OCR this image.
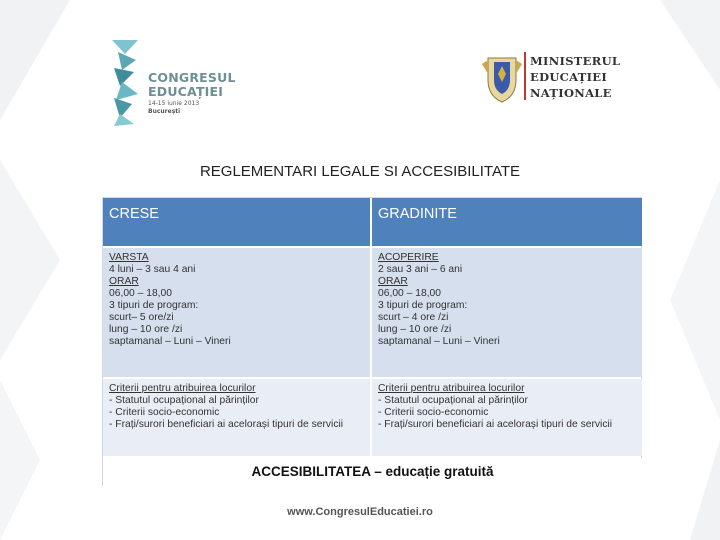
CONGRESUL
EDUCAȚIEI
14-15 iunie 2013
București
MINISTERUL
EDUCAȚIEI
NAȚIONALE
REGLEMENTARI LEGALE SI ACCESIBILITATE
CRESE	GRADINITE
VARSTA
4 luni – 3 sau 4 ani
ORAR
06,00 – 18,00
3 tipuri de program:
scurt– 5 ore/zi
lung – 10 ore /zi
saptamanal – Luni – Vineri
ACOPERIRE
2 sau 3 ani – 6 ani
ORAR
06,00 – 18,00
3 tipuri de program:
scurt – 4 ore /zi
lung – 10 ore /zi
saptamanal – Luni – Vineri
Criterii pentru atribuirea locurilor
- Statutul ocupațional al părinților
- Criterii socio-economic
- Frați/surori beneficiari ai acelorași tipuri de servicii
Criterii pentru atribuirea locurilor
- Statutul ocupațional al părinților
- Criterii socio-economic
- Frați/surori beneficiari ai acelorași tipuri de servicii
ACCESIBILITATEA – educație gratuită
www.CongresulEducatiei.ro
